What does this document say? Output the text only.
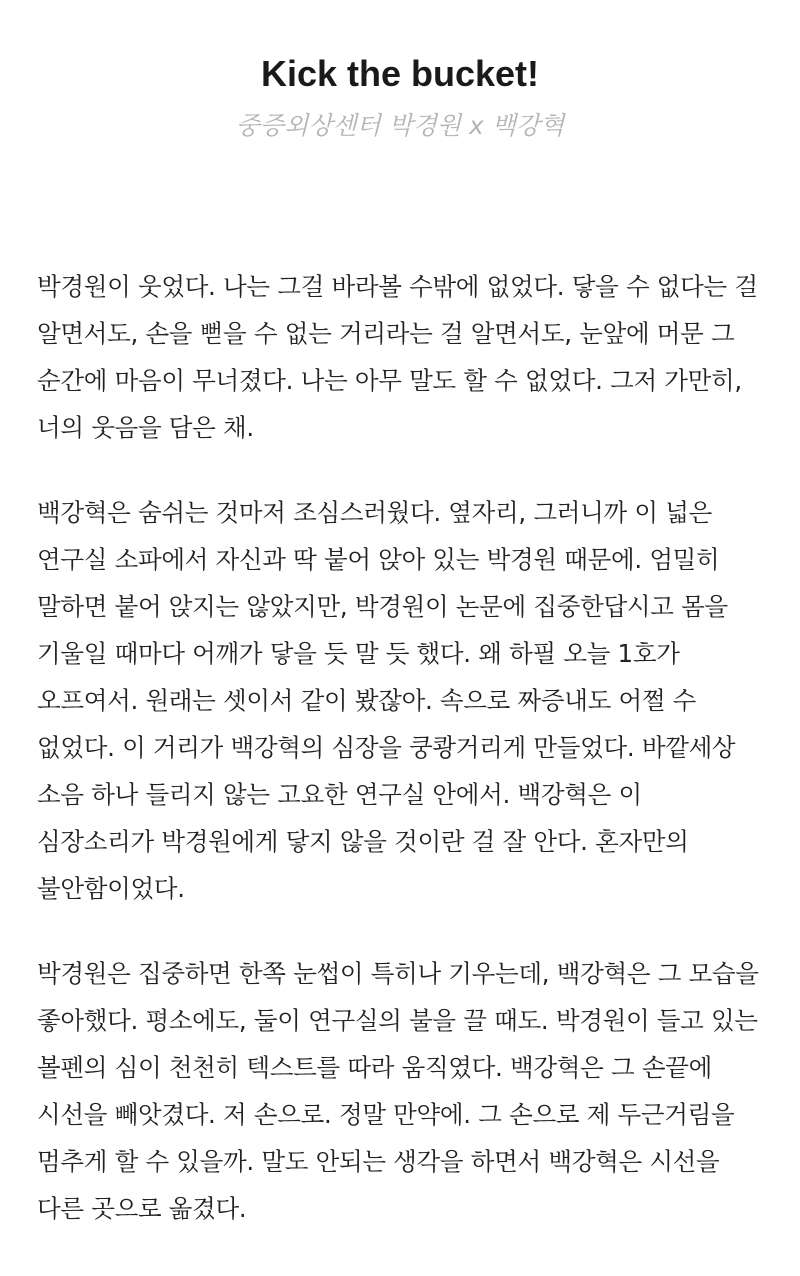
Kick the bucket!
중증외상센터 박경원 x 백강혁

박경원이 웃었다. 나는 그걸 바라볼 수밖에 없었다. 닿을 수 없다는 걸 알면서도, 손을 뻗을 수 없는 거리라는 걸 알면서도, 눈앞에 머문 그 순간에 마음이 무너졌다. 나는 아무 말도 할 수 없었다. 그저 가만히, 너의 웃음을 담은 채.

백강혁은 숨쉬는 것마저 조심스러웠다. 옆자리, 그러니까 이 넓은 연구실 소파에서 자신과 딱 붙어 앉아 있는 박경원 때문에. 엄밀히 말하면 붙어 앉지는 않았지만, 박경원이 논문에 집중한답시고 몸을 기울일 때마다 어깨가 닿을 듯 말 듯 했다. 왜 하필 오늘 1호가 오프여서. 원래는 셋이서 같이 봤잖아. 속으로 짜증내도 어쩔 수 없었다. 이 거리가 백강혁의 심장을 쿵쾅거리게 만들었다. 바깥세상 소음 하나 들리지 않는 고요한 연구실 안에서. 백강혁은 이 심장소리가 박경원에게 닿지 않을 것이란 걸 잘 안다. 혼자만의 불안함이었다.

박경원은 집중하면 한쪽 눈썹이 특히나 기우는데, 백강혁은 그 모습을 좋아했다. 평소에도, 둘이 연구실의 불을 끌 때도. 박경원이 들고 있는 볼펜의 심이 천천히 텍스트를 따라 움직였다. 백강혁은 그 손끝에 시선을 빼앗겼다. 저 손으로. 정말 만약에. 그 손으로 제 두근거림을 멈추게 할 수 있을까. 말도 안되는 생각을 하면서 백강혁은 시선을 다른 곳으로 옮겼다.
